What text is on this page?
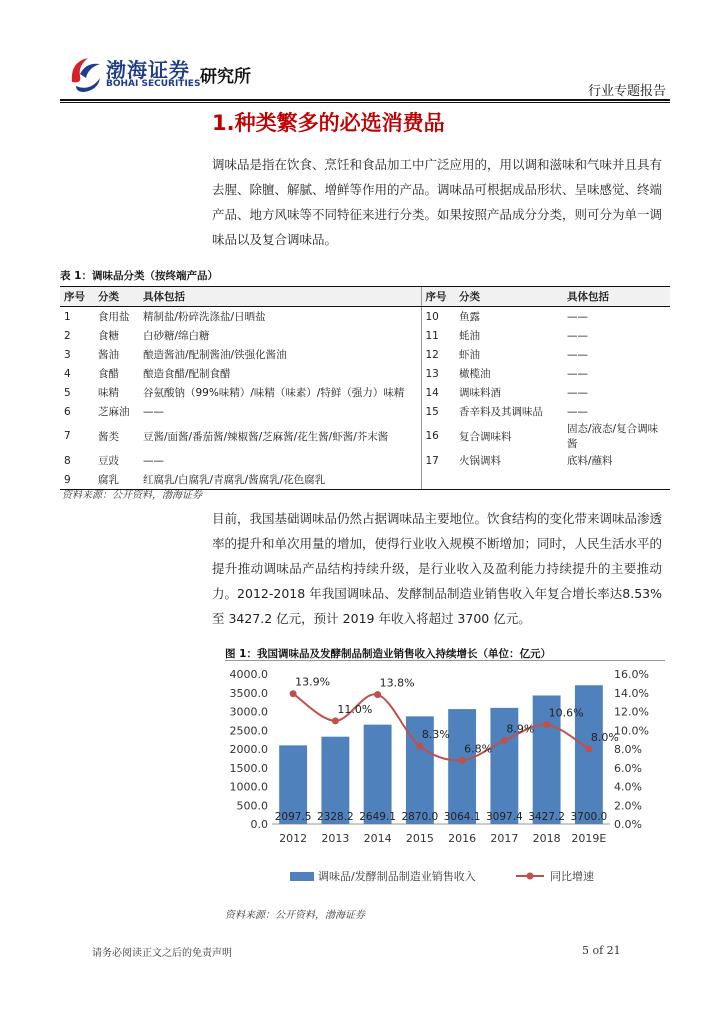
渤海证券
BOHAI SECURITIES 研究所
行业专题报告
1.种类繁多的必选消费品
调味品是指在饮食、烹饪和食品加工中广泛应用的，用以调和滋味和气味并且具有去腥、除膻、解腻、增鲜等作用的产品。调味品可根据成品形状、呈味感觉、终端产品、地方风味等不同特征来进行分类。如果按照产品成分分类，则可分为单一调味品以及复合调味品。
表 1：调味品分类（按终端产品）
序号	分类	具体包括	序号	分类	具体包括
1	食用盐	精制盐/粉碎洗涤盐/日晒盐	10	鱼露	——
2	食糖	白砂糖/绵白糖	11	蚝油	——
3	酱油	酿造酱油/配制酱油/铁强化酱油	12	虾油	——
4	食醋	酿造食醋/配制食醋	13	橄榄油	——
5	味精	谷氨酸钠（99%味精）/味精（味素）/特鲜（强力）味精	14	调味料酒	——
6	芝麻油	——	15	香辛料及其调味品	——
7	酱类	豆酱/面酱/番茄酱/辣椒酱/芝麻酱/花生酱/虾酱/芥末酱	16	复合调味料	固态/液态/复合调味酱
8	豆豉	——	17	火锅调料	底料/蘸料
9	腐乳	红腐乳/白腐乳/青腐乳/酱腐乳/花色腐乳			
资料来源：公开资料，渤海证券
目前，我国基础调味品仍然占据调味品主要地位。饮食结构的变化带来调味品渗透率的提升和单次用量的增加，使得行业收入规模不断增加；同时，人民生活水平的提升推动调味品产品结构持续升级，是行业收入及盈利能力持续提升的主要推动力。2012-2018 年我国调味品、发酵制品制造业销售收入年复合增长率达8.53%至 3427.2 亿元，预计 2019 年收入将超过 3700 亿元。
图 1：我国调味品及发酵制品制造业销售收入持续增长（单位：亿元）
0.0
500.0
1000.0
1500.0
2000.0
2500.0
3000.0
3500.0
4000.0
0.0%
2.0%
4.0%
6.0%
8.0%
10.0%
12.0%
14.0%
16.0%
2097.5
2012
2328.2
2013
2649.1
2014
2870.0
2015
3064.1
2016
3097.4
2017
3427.2
2018
3700.0
2019E
13.9%
11.0%
13.8%
8.3%
6.8%
8.9%
10.6%
8.0%
调味品/发酵制品制造业销售收入	同比增速
资料来源：公开资料，渤海证券
请务必阅读正文之后的免责声明	5 of 21
